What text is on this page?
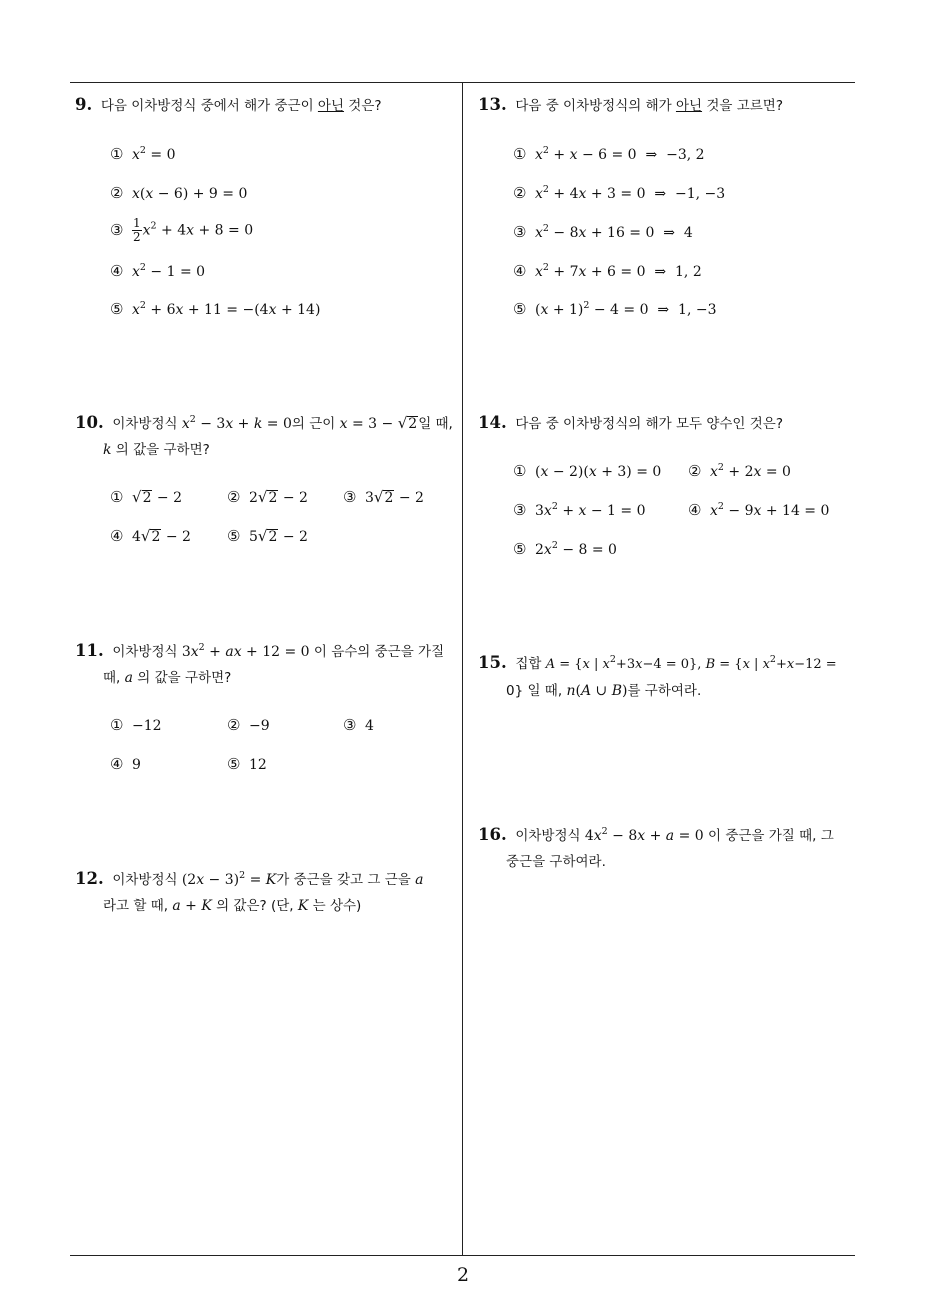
9. 다음 이차방정식 중에서 해가 중근이 아닌 것은?
① $x^2 = 0$
② x(x − 6) + 9 = 0
③ $\frac{1}{2} x^2 + 4x + 8 = 0$
④ $x^2 - 1 = 0$
⑤ $x^2 + 6x + 11 = -(4x + 14)$
10. 이차방정식 $x^2 - 3x + k = 0$의 근이 x = 3 − √2일 때,
k 의 값을 구하면?
① √2 − 2	② 2√2 − 2 ③ 3√2 − 2
④ 4√2 − 2 ⑤ 5√2 − 2
11. 이차방정식 $3x^2$ + ax + 12 = 0 이 음수의 중근을 가질
때, a 의 값을 구하면?
① −12	② −9	③ 4
④ 9	⑤ 12
12. 이차방정식 $(2x - 3)^2 = K$가 중근을 갖고 그 근을 a
라고 할 때, a + K 의 값은? (단, K 는 상수)
13. 다음 중 이차방정식의 해가 아닌 것을 고르면?
① $x^2 + x - 6 = 0$  ⇒  −3, 2
② $x^2 + 4x + 3 = 0$  ⇒  −1, −3
③ $x^2 - 8x + 16 = 0$  ⇒  4
④ $x^2 + 7x + 6 = 0$  ⇒  1, 2
⑤ $(x + 1)^2 - 4 = 0$  ⇒  1, −3
14. 다음 중 이차방정식의 해가 모두 양수인 것은?
① (x − 2)(x + 3) = 0 ② $x^2 + 2x = 0$
③ $3x^2 + x - 1 = 0$	④ $x^2 - 9x + 14 = 0$
⑤ $2x^2 - 8 = 0$
15. 집합 A = {x | $x^2+3x-4 = 0$}, B = {x | $x^2+x-12$ =
0} 일 때, n(A ∪ B)를 구하여라.
16. 이차방정식 $4x^2 - 8x + a = 0$ 이 중근을 가질 때, 그
중근을 구하여라.
2
